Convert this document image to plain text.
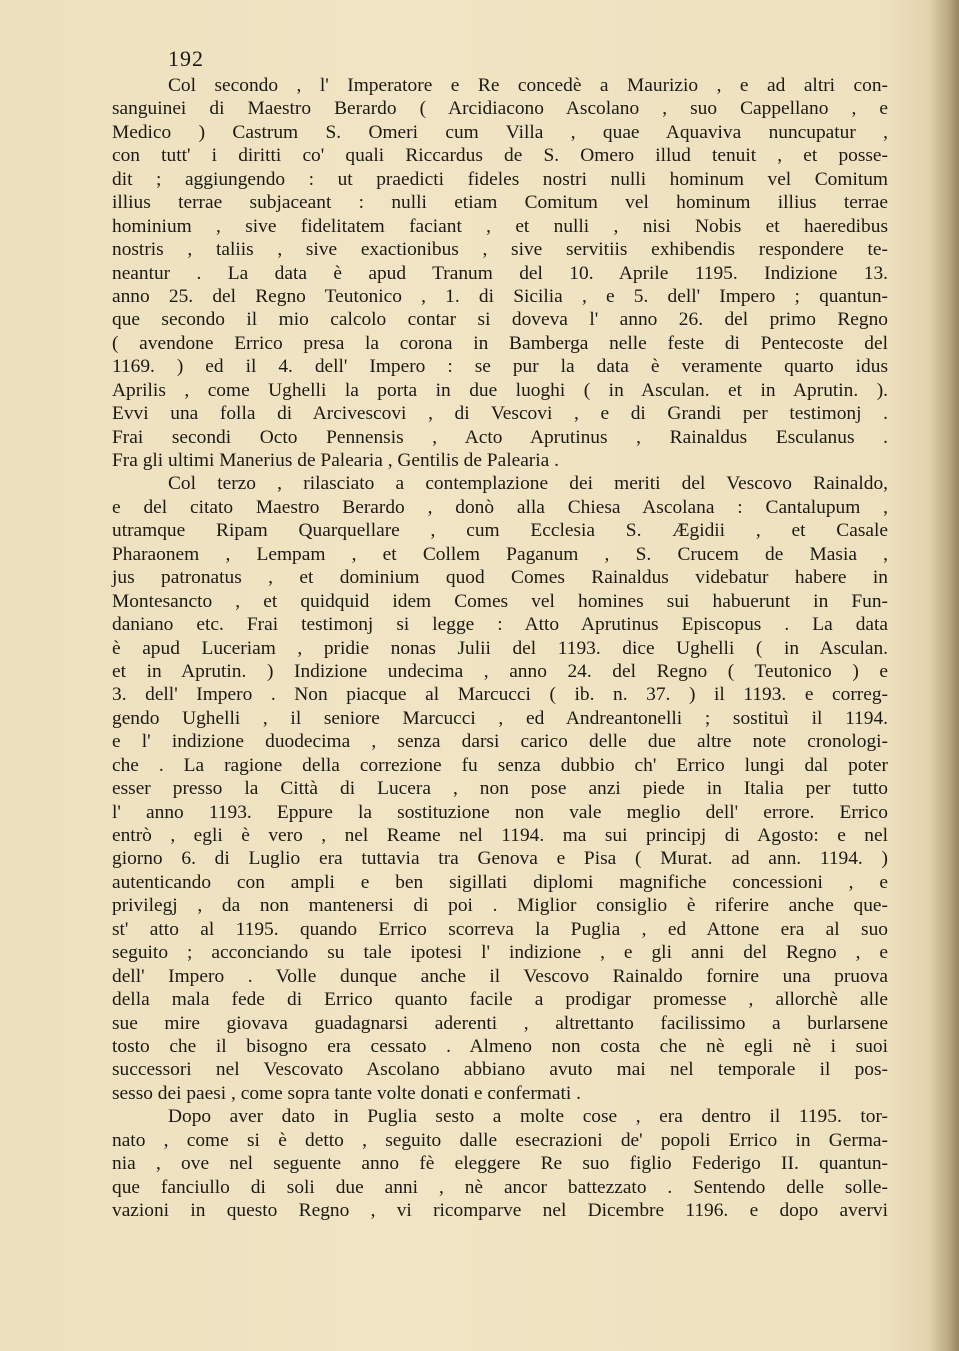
192
Col secondo , l' Imperatore e Re concedè a Maurizio , e ad altri con-
sanguinei di Maestro Berardo ( Arcidiacono Ascolano , suo Cappellano , e
Medico ) Castrum S. Omeri cum Villa , quae Aquaviva nuncupatur ,
con tutt' i diritti co' quali Riccardus de S. Omero illud tenuit , et posse-
dit ; aggiungendo : ut praedicti fideles nostri nulli hominum vel Comitum
illius terrae subjaceant : nulli etiam Comitum vel hominum illius terrae
hominium , sive fidelitatem faciant , et nulli , nisi Nobis et haeredibus
nostris , taliis , sive exactionibus , sive servitiis exhibendis respondere te-
neantur . La data è apud Tranum del 10. Aprile 1195. Indizione 13.
anno 25. del Regno Teutonico , 1. di Sicilia , e 5. dell' Impero ; quantun-
que secondo il mio calcolo contar si doveva l' anno 26. del primo Regno
( avendone Errico presa la corona in Bamberga nelle feste di Pentecoste del
1169. ) ed il 4. dell' Impero : se pur la data è veramente quarto idus
Aprilis , come Ughelli la porta in due luoghi ( in Asculan. et in Aprutin. ).
Evvi una folla di Arcivescovi , di Vescovi , e di Grandi per testimonj .
Frai secondi Octo Pennensis , Acto Aprutinus , Rainaldus Esculanus .
Fra gli ultimi Manerius de Palearia , Gentilis de Palearia .
Col terzo , rilasciato a contemplazione dei meriti del Vescovo Rainaldo,
e del citato Maestro Berardo , donò alla Chiesa Ascolana : Cantalupum ,
utramque Ripam Quarquellare , cum Ecclesia S. Ægidii , et Casale
Pharaonem , Lempam , et Collem Paganum , S. Crucem de Masia ,
jus patronatus , et dominium quod Comes Rainaldus videbatur habere in
Montesancto , et quidquid idem Comes vel homines sui habuerunt in Fun-
daniano etc. Frai testimonj si legge : Atto Aprutinus Episcopus . La data
è apud Luceriam , pridie nonas Julii del 1193. dice Ughelli ( in Asculan.
et in Aprutin. ) Indizione undecima , anno 24. del Regno ( Teutonico ) e
3. dell' Impero . Non piacque al Marcucci ( ib. n. 37. ) il 1193. e correg-
gendo Ughelli , il seniore Marcucci , ed Andreantonelli ; sostituì il 1194.
e l' indizione duodecima , senza darsi carico delle due altre note cronologi-
che . La ragione della correzione fu senza dubbio ch' Errico lungi dal poter
esser presso la Città di Lucera , non pose anzi piede in Italia per tutto
l' anno 1193. Eppure la sostituzione non vale meglio dell' errore. Errico
entrò , egli è vero , nel Reame nel 1194. ma sui principj di Agosto: e nel
giorno 6. di Luglio era tuttavia tra Genova e Pisa ( Murat. ad ann. 1194. )
autenticando con ampli e ben sigillati diplomi magnifiche concessioni , e
privilegj , da non mantenersi di poi . Miglior consiglio è riferire anche que-
st' atto al 1195. quando Errico scorreva la Puglia , ed Attone era al suo
seguito ; acconciando su tale ipotesi l' indizione , e gli anni del Regno , e
dell' Impero . Volle dunque anche il Vescovo Rainaldo fornire una pruova
della mala fede di Errico quanto facile a prodigar promesse , allorchè alle
sue mire giovava guadagnarsi aderenti , altrettanto facilissimo a burlarsene
tosto che il bisogno era cessato . Almeno non costa che nè egli nè i suoi
successori nel Vescovato Ascolano abbiano avuto mai nel temporale il pos-
sesso dei paesi , come sopra tante volte donati e confermati .
Dopo aver dato in Puglia sesto a molte cose , era dentro il 1195. tor-
nato , come si è detto , seguito dalle esecrazioni de' popoli Errico in Germa-
nia , ove nel seguente anno fè eleggere Re suo figlio Federigo II. quantun-
que fanciullo di soli due anni , nè ancor battezzato . Sentendo delle solle-
vazioni in questo Regno , vi ricomparve nel Dicembre 1196. e dopo avervi
